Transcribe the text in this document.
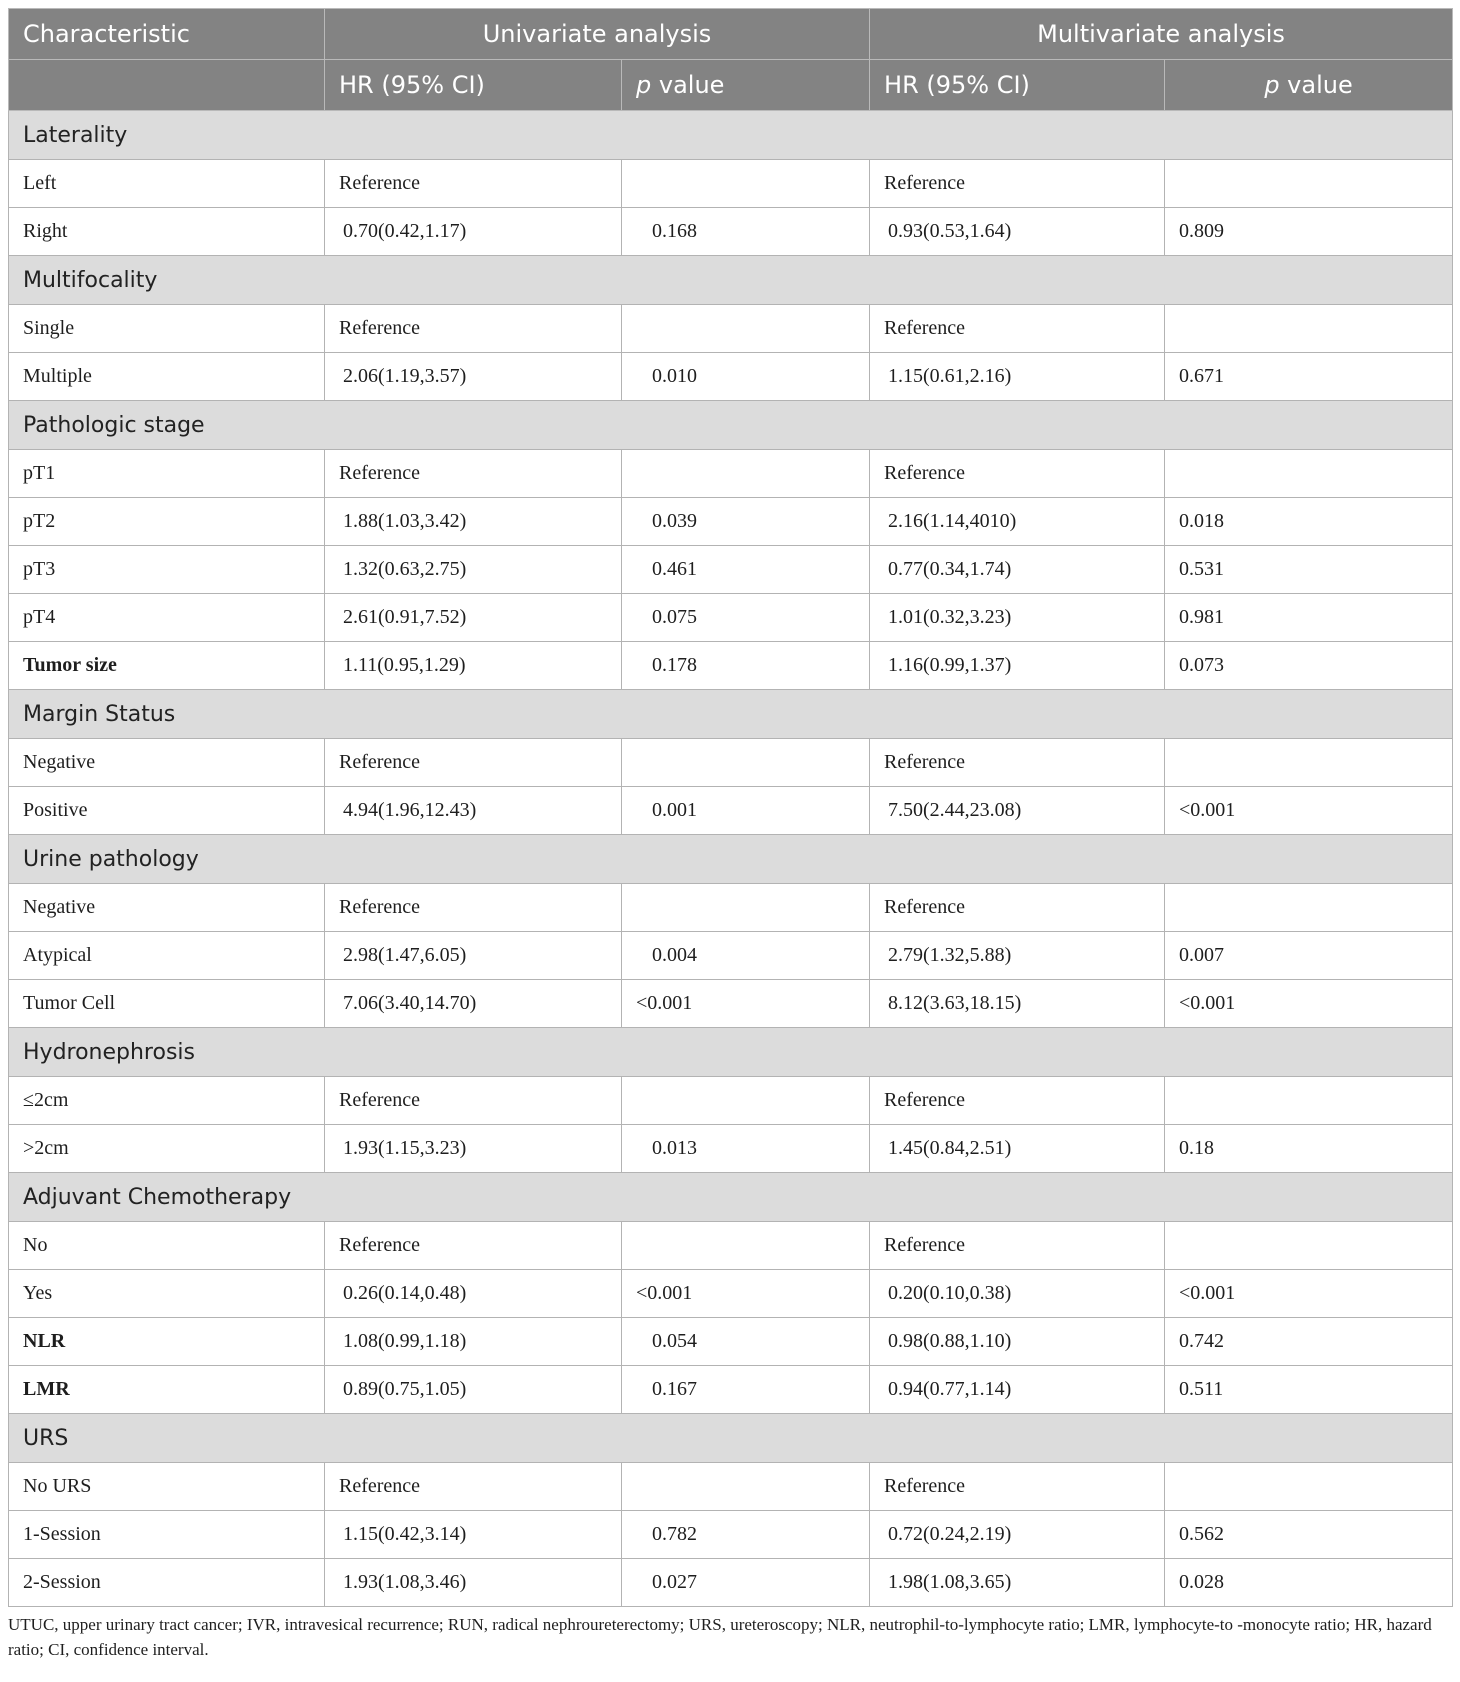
Characteristic	Univariate analysis		Multivariate analysis	
	HR (95% CI)	p value	HR (95% CI)	p value
Laterality				
Left	Reference		Reference	
Right	0.70(0.42,1.17)	0.168	0.93(0.53,1.64)	0.809
Multifocality				
Single	Reference		Reference	
Multiple	2.06(1.19,3.57)	0.010	1.15(0.61,2.16)	0.671
Pathologic stage				
pT1	Reference		Reference	
pT2	1.88(1.03,3.42)	0.039	2.16(1.14,4010)	0.018
pT3	1.32(0.63,2.75)	0.461	0.77(0.34,1.74)	0.531
pT4	2.61(0.91,7.52)	0.075	1.01(0.32,3.23)	0.981
Tumor size	1.11(0.95,1.29)	0.178	1.16(0.99,1.37)	0.073
Margin Status				
Negative	Reference		Reference	
Positive	4.94(1.96,12.43)	0.001	7.50(2.44,23.08)	<0.001
Urine pathology				
Negative	Reference		Reference	
Atypical	2.98(1.47,6.05)	0.004	2.79(1.32,5.88)	0.007
Tumor Cell	7.06(3.40,14.70)	<0.001	8.12(3.63,18.15)	<0.001
Hydronephrosis				
≤2cm	Reference		Reference	
>2cm	1.93(1.15,3.23)	0.013	1.45(0.84,2.51)	0.18
Adjuvant Chemotherapy				
No	Reference		Reference	
Yes	0.26(0.14,0.48)	<0.001	0.20(0.10,0.38)	<0.001
NLR	1.08(0.99,1.18)	0.054	0.98(0.88,1.10)	0.742
LMR	0.89(0.75,1.05)	0.167	0.94(0.77,1.14)	0.511
URS				
No URS	Reference		Reference	
1-Session	1.15(0.42,3.14)	0.782	0.72(0.24,2.19)	0.562
2-Session	1.93(1.08,3.46)	0.027	1.98(1.08,3.65)	0.028
UTUC, upper urinary tract cancer; IVR, intravesical recurrence; RUN, radical nephroureterectomy; URS, ureteroscopy; NLR, neutrophil-to-lymphocyte ratio; LMR, lymphocyte-to -monocyte ratio; HR, hazard ratio; CI, confidence interval.
